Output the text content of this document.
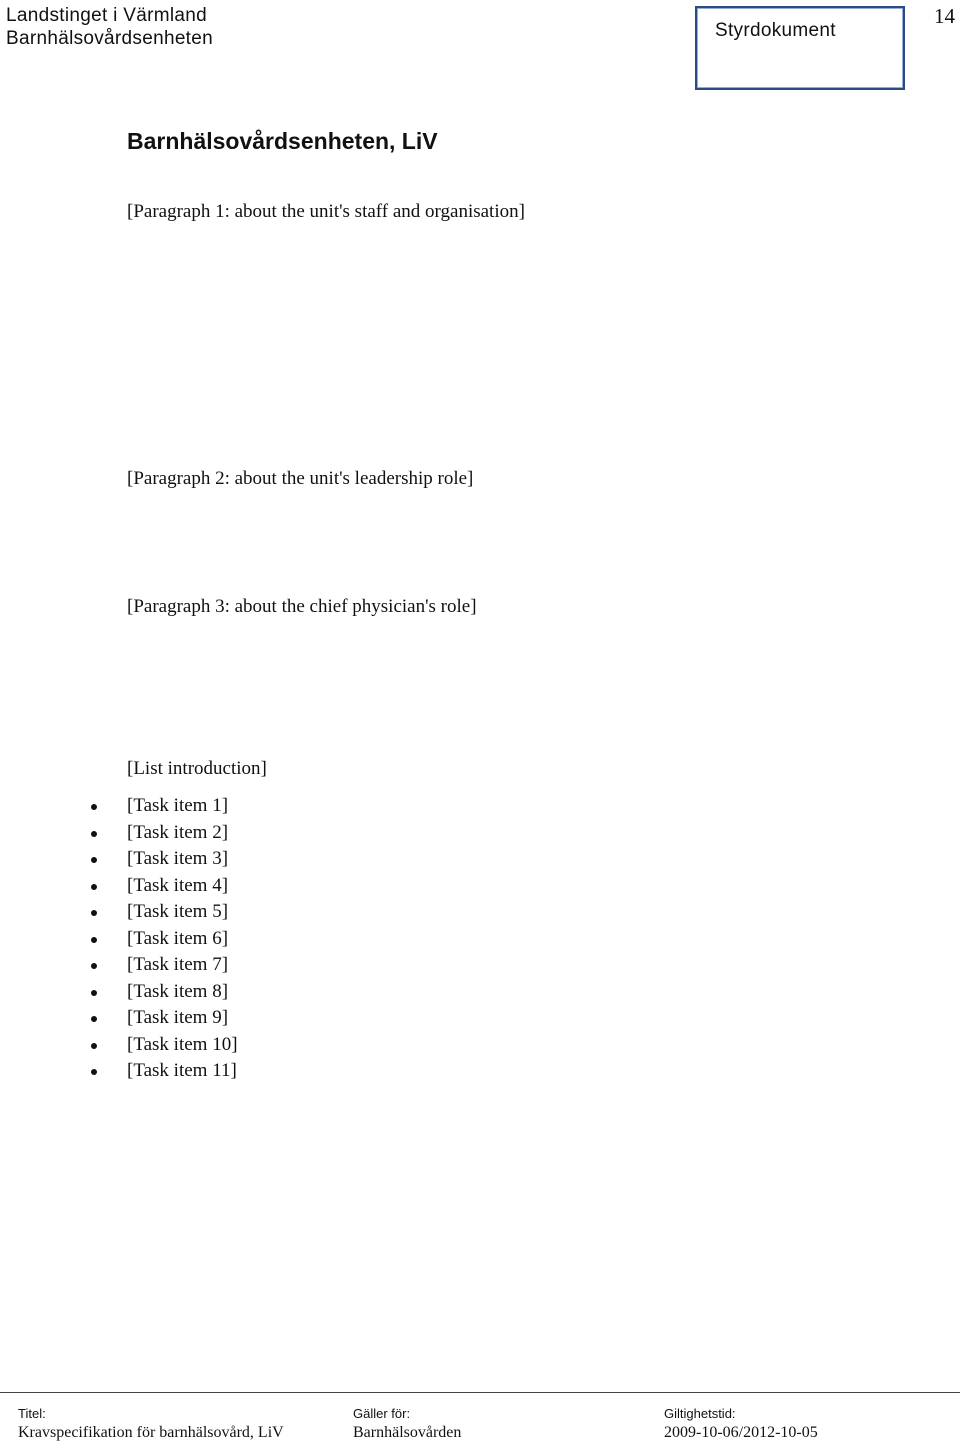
Landstinget i Värmland
Barnhälsovårdsenheten	Styrdokument
14
Barnhälsovårdsenheten, LiV

[Paragraph 1: about the unit's staff and organisation]

[Paragraph 2: about the unit's leadership role]

[Paragraph 3: about the chief physician's role]

[List introduction]

[Task item 1]
[Task item 2]
[Task item 3]
[Task item 4]
[Task item 5]
[Task item 6]
[Task item 7]
[Task item 8]
[Task item 9]
[Task item 10]
[Task item 11]
Titel:
Kravspecifikation för barnhälsovård, LiV
Gäller för:
Barnhälsovården
Giltighetstid:
2009-10-06/2012-10-05
